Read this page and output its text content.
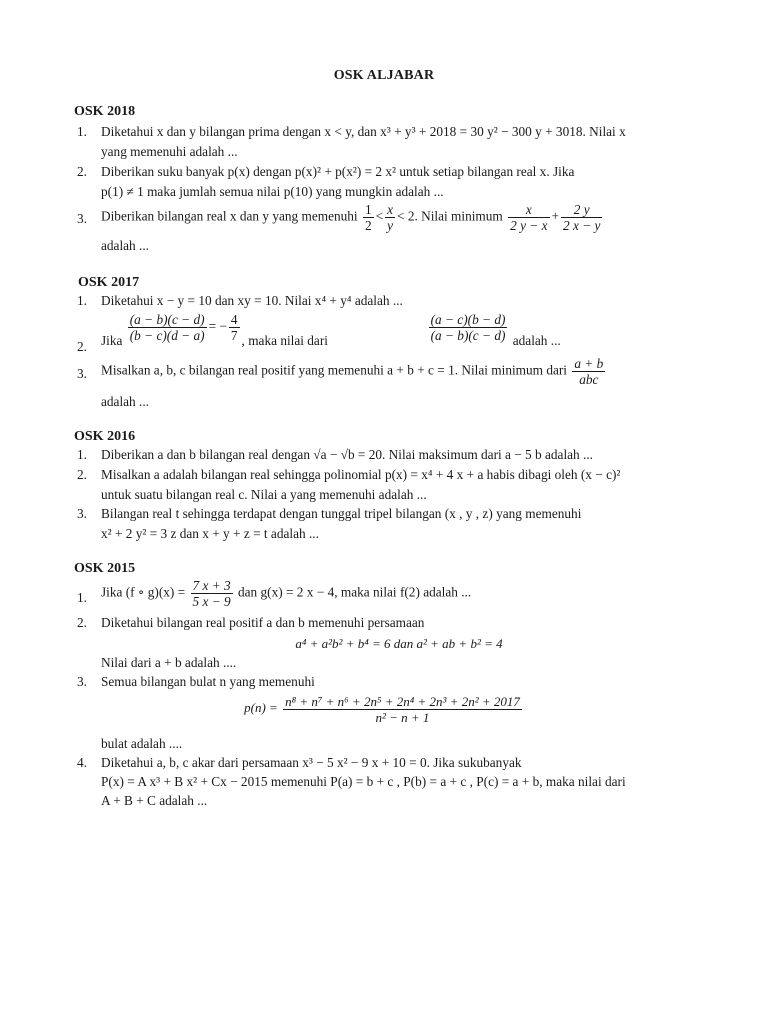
OSK ALJABAR
OSK 2018
1. Diketahui x dan y bilangan prima dengan x < y, dan x³ + y³ + 2018 = 30 y² − 300 y + 3018. Nilai x
yang memenuhi adalah ...
2. Diberikan suku banyak p(x) dengan p(x)² + p(x²) = 2 x² untuk setiap bilangan real x. Jika
p(1) ≠ 1 maka jumlah semua nilai p(10) yang mungkin adalah ...
3. Diberikan bilangan real x dan y yang memenuhi $\frac{1}{2} < \frac{x}{y} < 2$. Nilai minimum $\frac{x}{2 y - x} + \frac{2 y}{2 x - y}$
adalah ...
OSK 2017
1. Diketahui x − y = 10 dan xy = 10. Nilai x⁴ + y⁴ adalah ...
2. Jika $\frac{(a - b)(c - d)}{(b - c)(d - a)}$ = − $\frac{4}{7}$ , maka nilai dari	$\frac{(a - c)(b - d)}{(a - b)(c - d)}$ adalah ...
3. Misalkan a, b, c bilangan real positif yang memenuhi a + b + c = 1. Nilai minimum dari $\frac{a + b}{\text{abc}}$
adalah ...
OSK 2016
1. Diberikan a dan b bilangan real dengan √a − √b = 20. Nilai maksimum dari a − 5 b adalah ...
2. Misalkan a adalah bilangan real sehingga polinomial p(x) = x⁴ + 4 x + a habis dibagi oleh (x − c)²
untuk suatu bilangan real c. Nilai a yang memenuhi adalah ...
3. Bilangan real t sehingga terdapat dengan tunggal tripel bilangan (x , y , z) yang memenuhi
x² + 2 y² = 3 z dan x + y + z = t adalah ...
OSK 2015
1. Jika (f ∘ $g)(x) = \frac{7 x + 3}{5 x - 9}$ dan g(x) = 2 x − 4, maka nilai f(2) adalah ...
2. Diketahui bilangan real positif a dan b memenuhi persamaan
a⁴ + a²b² + b⁴ = 6 dan a² + ab + b² = 4
Nilai dari a + b adalah ....
3. Semua bilangan bulat n yang memenuhi
$p(n) = \frac{\text{n⁸ + n⁷ + n⁶ + 2n⁵ + 2n⁴ + 2n³ + 2n² + 2017}}{\text{n² − n + 1}}$
bulat adalah ....
4. Diketahui a, b, c akar dari persamaan x³ − 5 x² − 9 x + 10 = 0. Jika sukubanyak
P(x) = A x³ + B x² + Cx − 2015 memenuhi P(a) = b + c , P(b) = a + c , P(c) = a + b, maka nilai dari
A + B + C adalah ...
